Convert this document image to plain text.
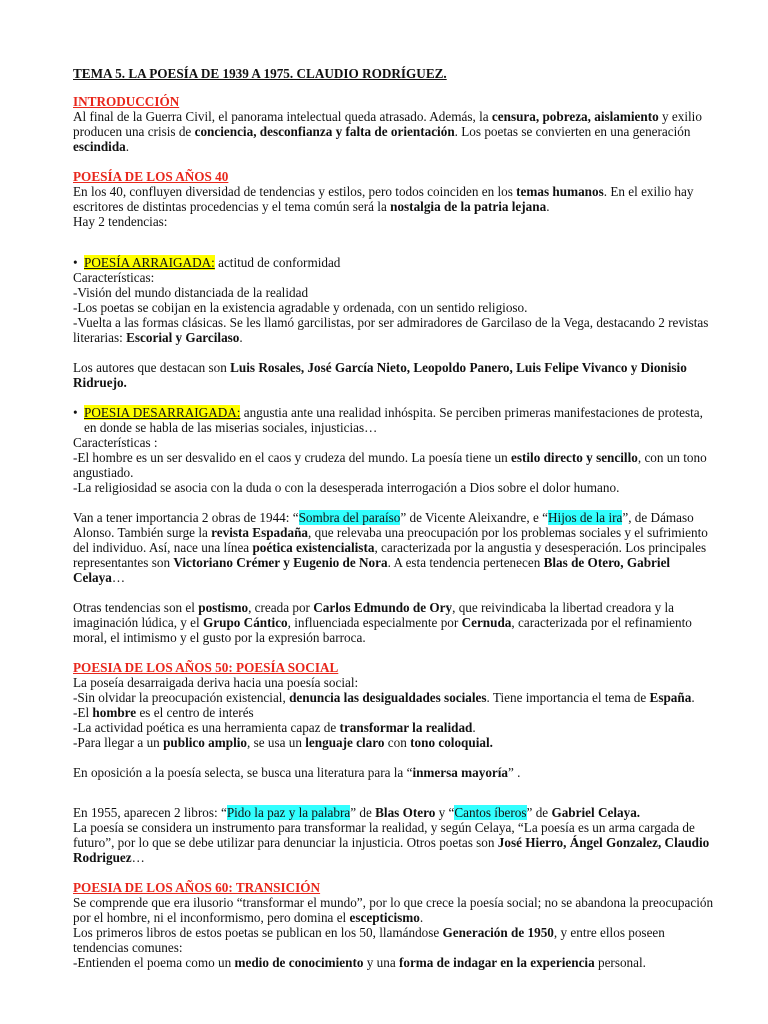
TEMA 5. LA POESÍA DE 1939 A 1975. CLAUDIO RODRÍGUEZ.

INTRODUCCIÓN

Al final de la Guerra Civil, el panorama intelectual queda atrasado. Además, la censura, pobreza, aislamiento y exilio producen una crisis de conciencia, desconfianza y falta de orientación. Los poetas se convierten en una generación escindida.

POESÍA DE LOS AÑOS 40

En los 40, confluyen diversidad de tendencias y estilos, pero todos coinciden en los temas humanos. En el exilio hay escritores de distintas procedencias y el tema común será la nostalgia de la patria lejana.

Hay 2 tendencias:

• POESÍA ARRAIGADA: actitud de conformidad

Características:

-Visión del mundo distanciada de la realidad

-Los poetas se cobijan en la existencia agradable y ordenada, con un sentido religioso.

-Vuelta a las formas clásicas. Se les llamó garcilistas, por ser admiradores de Garcilaso de la Vega, destacando 2 revistas literarias: Escorial y Garcilaso.

Los autores que destacan son Luis Rosales, José García Nieto, Leopoldo Panero, Luis Felipe Vivanco y Dionisio Ridruejo.

• POESIA DESARRAIGADA: angustia ante una realidad inhóspita. Se perciben primeras manifestaciones de protesta, en donde se habla de las miserias sociales, injusticias…

Características :

-El hombre es un ser desvalido en el caos y crudeza del mundo. La poesía tiene un estilo directo y sencillo, con un tono angustiado.

-La religiosidad se asocia con la duda o con la desesperada interrogación a Dios sobre el dolor humano.

Van a tener importancia 2 obras de 1944: “Sombra del paraíso” de Vicente Aleixandre, e “Hijos de la ira”, de Dámaso Alonso. También surge la revista Espadaña, que relevaba una preocupación por los problemas sociales y el sufrimiento del individuo. Así, nace una línea poética existencialista, caracterizada por la angustia y desesperación. Los principales representantes son Victoriano Crémer y Eugenio de Nora. A esta tendencia pertenecen Blas de Otero, Gabriel Celaya…

Otras tendencias son el postismo, creada por Carlos Edmundo de Ory, que reivindicaba la libertad creadora y la imaginación lúdica, y el Grupo Cántico, influenciada especialmente por Cernuda, caracterizada por el refinamiento moral, el intimismo y el gusto por la expresión barroca.

POESIA DE LOS AÑOS 50: POESÍA SOCIAL

La poseía desarraigada deriva hacia una poesía social:

-Sin olvidar la preocupación existencial, denuncia las desigualdades sociales. Tiene importancia el tema de España.

-El hombre es el centro de interés

-La actividad poética es una herramienta capaz de transformar la realidad.

-Para llegar a un publico amplio, se usa un lenguaje claro con tono coloquial.

En oposición a la poesía selecta, se busca una literatura para la “inmersa mayoría” .

En 1955, aparecen 2 libros: “Pido la paz y la palabra” de Blas Otero y “Cantos íberos” de Gabriel Celaya.

La poesía se considera un instrumento para transformar la realidad, y según Celaya, “La poesía es un arma cargada de futuro”, por lo que se debe utilizar para denunciar la injusticia. Otros poetas son José Hierro, Ángel Gonzalez, Claudio Rodriguez…

POESIA DE LOS AÑOS 60: TRANSICIÓN

Se comprende que era ilusorio “transformar el mundo”, por lo que crece la poesía social; no se abandona la preocupación por el hombre, ni el inconformismo, pero domina el escepticismo.

Los primeros libros de estos poetas se publican en los 50, llamándose Generación de 1950, y entre ellos poseen tendencias comunes:

-Entienden el poema como un medio de conocimiento y una forma de indagar en la experiencia personal.
